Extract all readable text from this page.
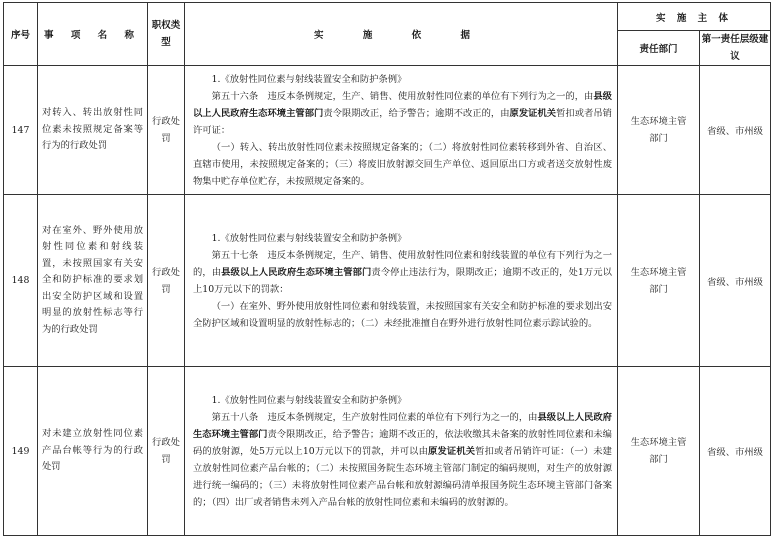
序号	事 项 名 称	职权类型	实 施 依 据	实 施 主 体	
				责任部门	第一责任层级建议
147	对转入、转出放射性同位素未按照规定备案等行为的行政处罚	行政处罚	1.《放射性同位素与射线装置安全和防护条例》

第五十六条　违反本条例规定，生产、销售、使用放射性同位素的单位有下列行为之一的，由县级以上人民政府生态环境主管部门责令限期改正，给予警告；逾期不改正的，由原发证机关暂扣或者吊销许可证：

（一）转入、转出放射性同位素未按照规定备案的；（二）将放射性同位素转移到外省、自治区、直辖市使用，未按照规定备案的；（三）将废旧放射源交回生产单位、返回原出口方或者送交放射性废物集中贮存单位贮存，未按照规定备案的。	生态环境主管部门	省级、市州级
148	对在室外、野外使用放射性同位素和射线装置，未按照国家有关安全和防护标准的要求划出安全防护区域和设置明显的放射性标志等行为的行政处罚	行政处罚	1.《放射性同位素与射线装置安全和防护条例》

第五十七条　违反本条例规定，生产、销售、使用放射性同位素和射线装置的单位有下列行为之一的，由县级以上人民政府生态环境主管部门责令停止违法行为，限期改正；逾期不改正的，处1万元以上10万元以下的罚款：

（一）在室外、野外使用放射性同位素和射线装置，未按照国家有关安全和防护标准的要求划出安全防护区域和设置明显的放射性标志的；（二）未经批准擅自在野外进行放射性同位素示踪试验的。	生态环境主管部门	省级、市州级
149	对未建立放射性同位素产品台帐等行为的行政处罚	行政处罚	1.《放射性同位素与射线装置安全和防护条例》

第五十八条　违反本条例规定，生产放射性同位素的单位有下列行为之一的，由县级以上人民政府生态环境主管部门责令限期改正，给予警告；逾期不改正的，依法收缴其未备案的放射性同位素和未编码的放射源，处5万元以上10万元以下的罚款，并可以由原发证机关暂扣或者吊销许可证：（一）未建立放射性同位素产品台帐的；（二）未按照国务院生态环境主管部门制定的编码规则，对生产的放射源进行统一编码的；（三）未将放射性同位素产品台帐和放射源编码清单报国务院生态环境主管部门备案的；（四）出厂或者销售未列入产品台帐的放射性同位素和未编码的放射源的。	生态环境主管部门	省级、市州级
